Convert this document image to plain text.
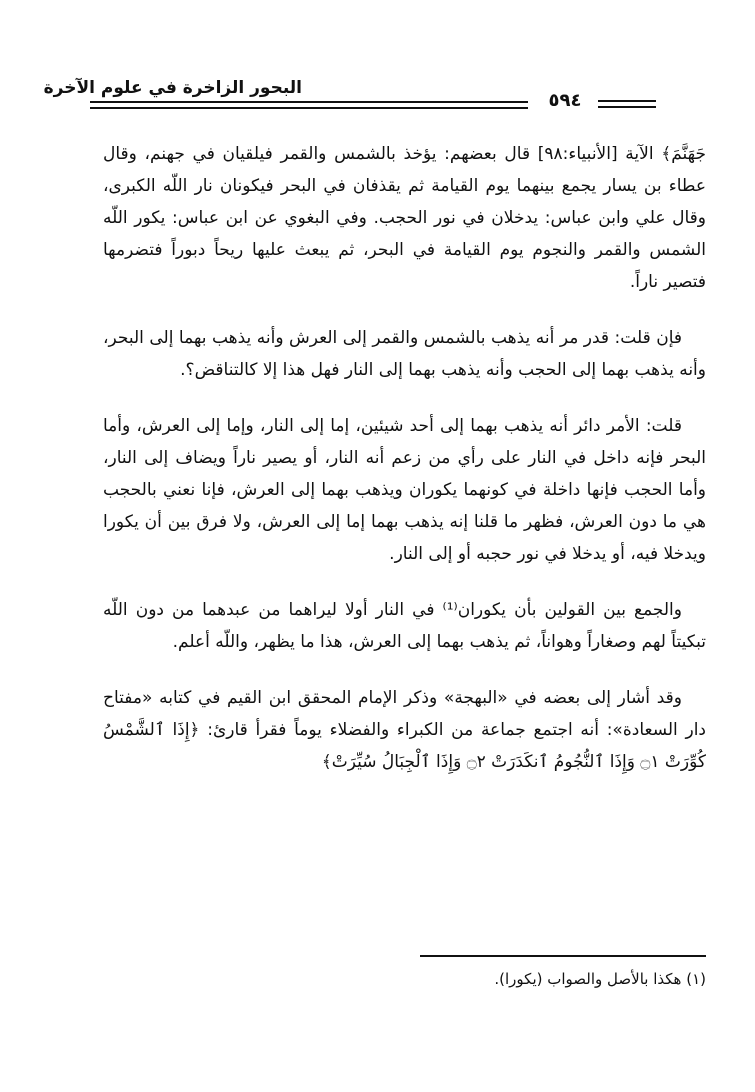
البحور الزاخرة في علوم الآخرة
٥٩٤

جَهَنَّمَ﴾ الآية [الأنبياء:٩٨] قال بعضهم: يؤخذ بالشمس والقمر فيلقيان في جهنم، وقال عطاء بن يسار يجمع بينهما يوم القيامة ثم يقذفان في البحر فيكونان نار اللّه الكبرى، وقال علي وابن عباس: يدخلان في نور الحجب. وفي البغوي عن ابن عباس: يكور اللّه الشمس والقمر والنجوم يوم القيامة في البحر، ثم يبعث عليها ريحاً دبوراً فتضرمها فتصير ناراً.

فإن قلت: قدر مر أنه يذهب بالشمس والقمر إلى العرش وأنه يذهب بهما إلى البحر، وأنه يذهب بهما إلى الحجب وأنه يذهب بهما إلى النار فهل هذا إلا كالتناقض؟.

قلت: الأمر دائر أنه يذهب بهما إلى أحد شيئين، إما إلى النار، وإما إلى العرش، وأما البحر فإنه داخل في النار على رأي من زعم أنه النار، أو يصير ناراً ويضاف إلى النار، وأما الحجب فإنها داخلة في كونهما يكوران ويذهب بهما إلى العرش، فإنا نعني بالحجب هي ما دون العرش، فظهر ما قلنا إنه يذهب بهما إما إلى العرش، ولا فرق بين أن يكورا ويدخلا فيه، أو يدخلا في نور حجبه أو إلى النار.

والجمع بين القولين بأن يكوران⁽¹⁾ في النار أولا ليراهما من عبدهما من دون اللّه تبكيتاً لهم وصغاراً وهواناً، ثم يذهب بهما إلى العرش، هذا ما يظهر، واللّه أعلم.

وقد أشار إلى بعضه في «البهجة» وذكر الإمام المحقق ابن القيم في كتابه «مفتاح دار السعادة»: أنه اجتمع جماعة من الكبراء والفضلاء يوماً فقرأ قارئ: ﴿إِذَا ٱلشَّمْسُ كُوِّرَتْ ۝١ وَإِذَا ٱلنُّجُومُ ٱنكَدَرَتْ ۝٢ وَإِذَا ٱلْجِبَالُ سُيِّرَتْ﴾

(١) هكذا بالأصل والصواب (يكورا).
